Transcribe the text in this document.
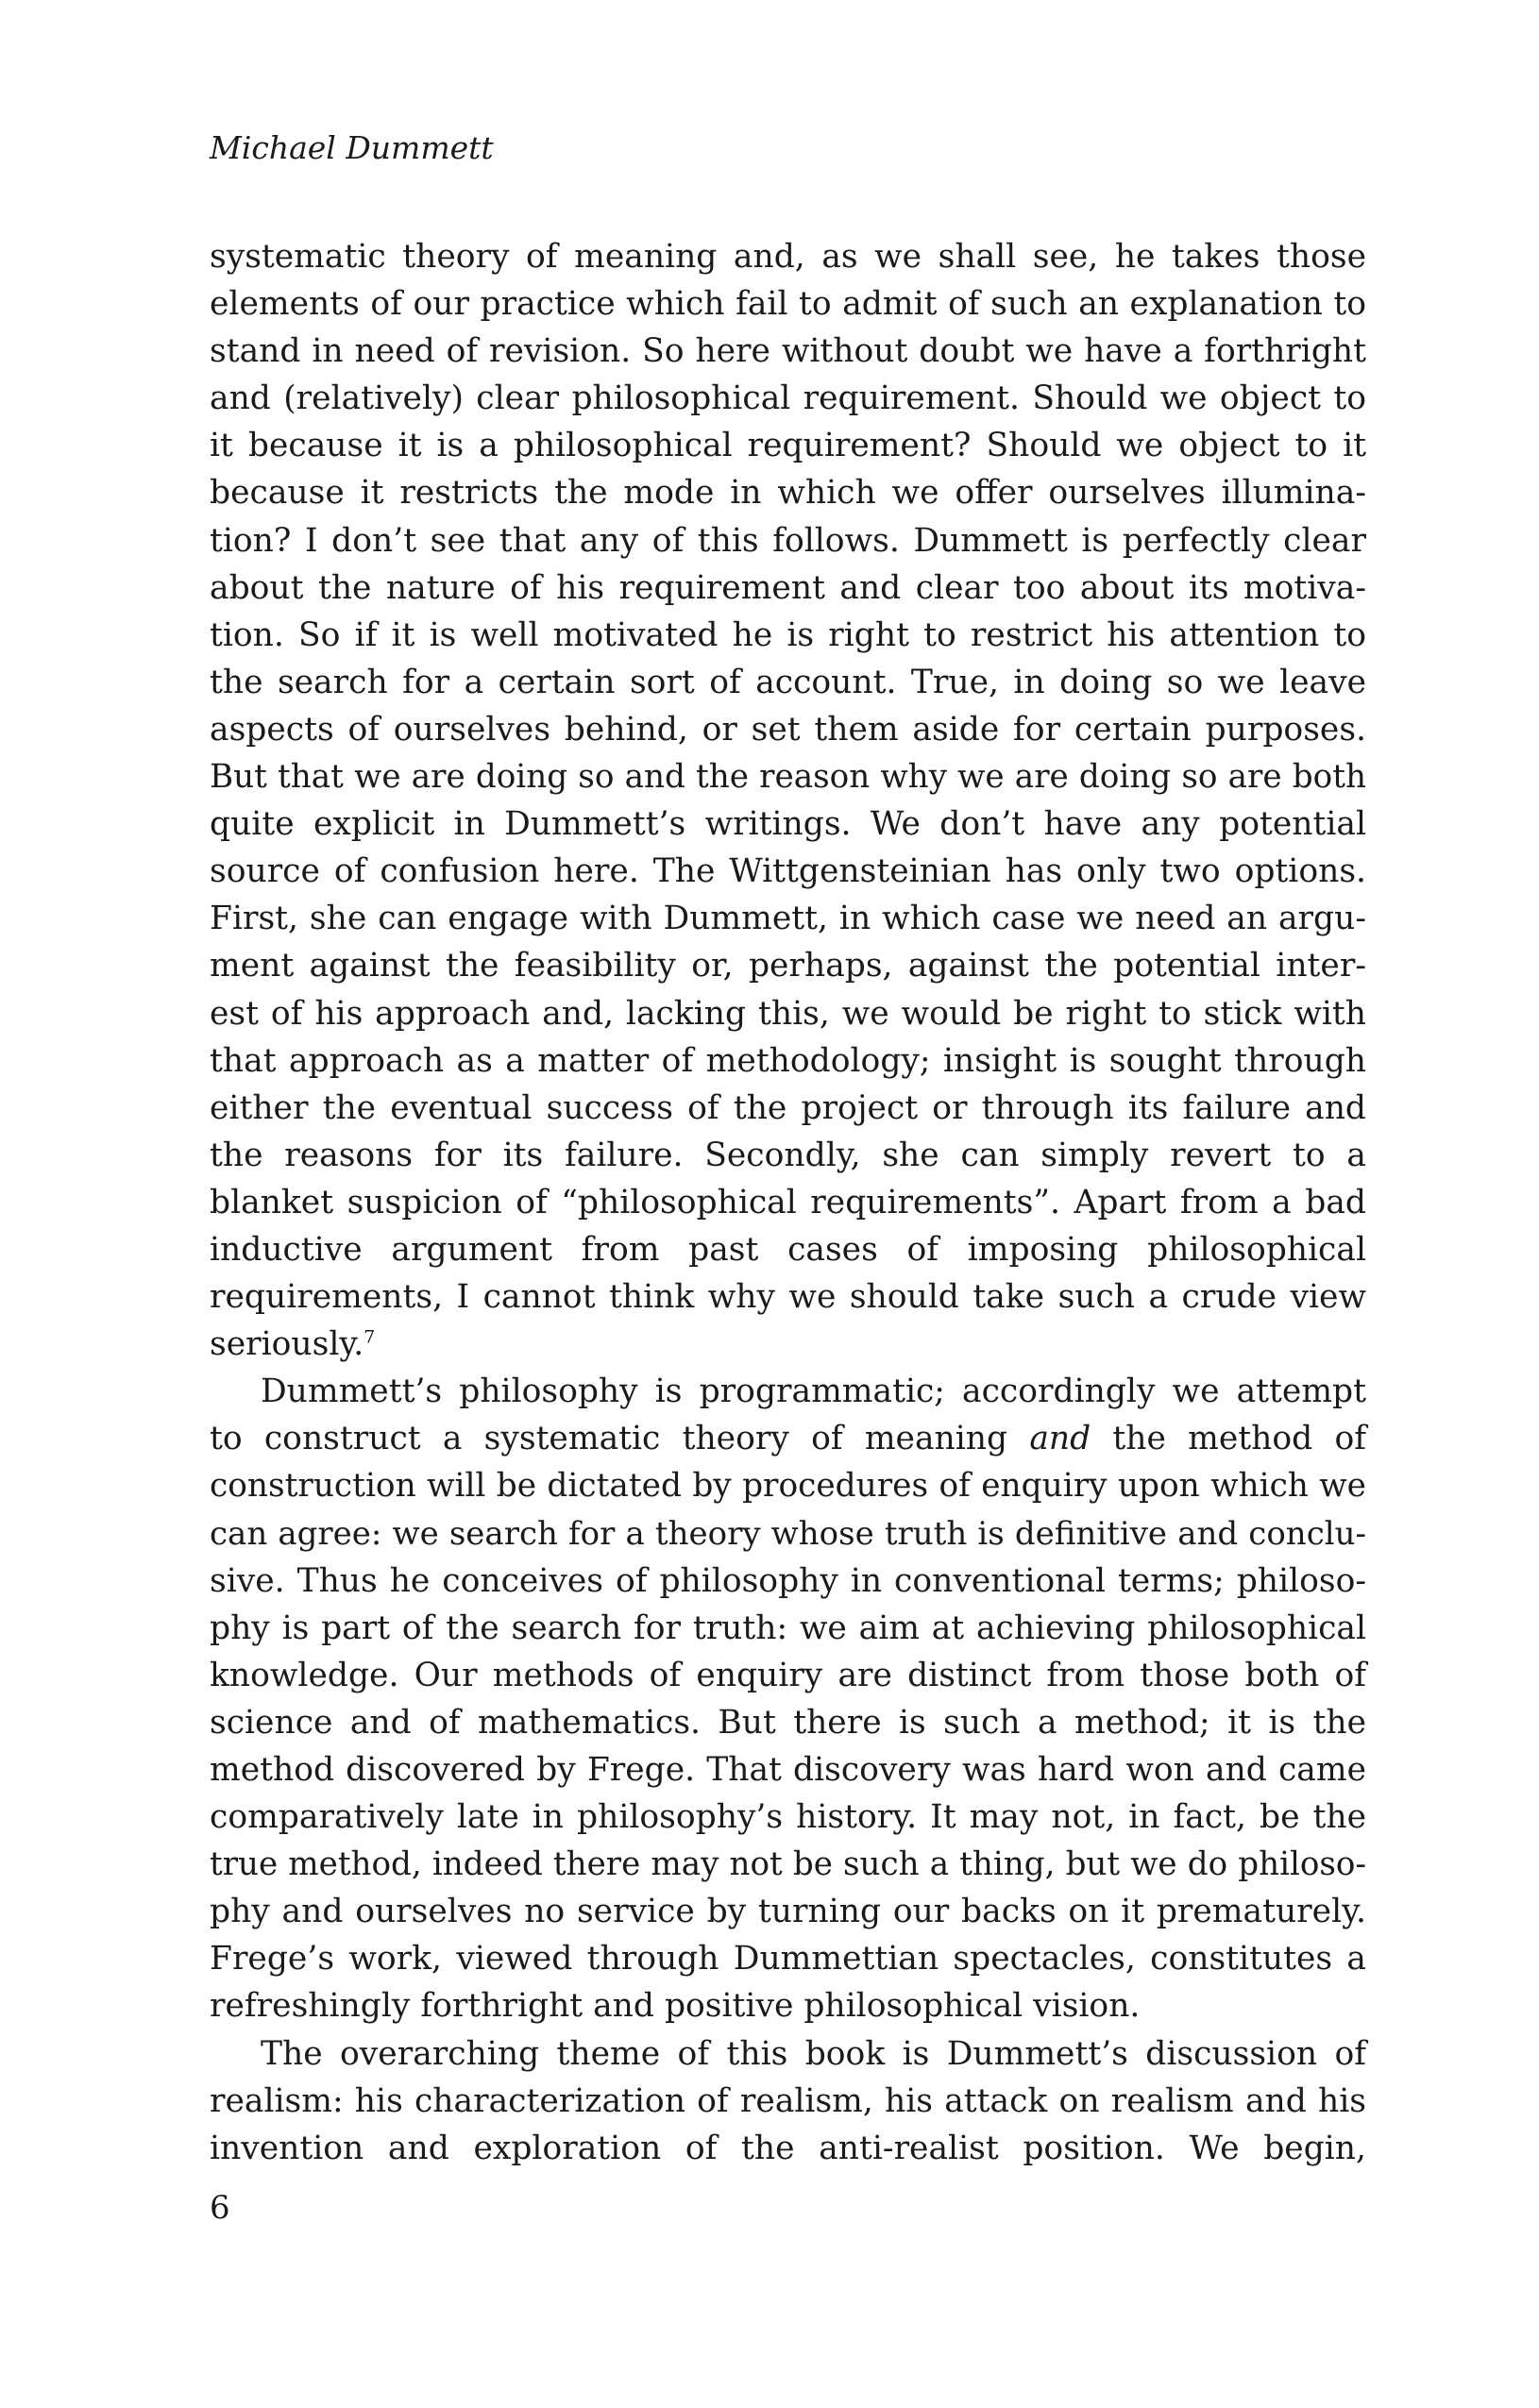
Michael Dummett
systematic theory of meaning and, as we shall see, he takes those
elements of our practice which fail to admit of such an explanation to
stand in need of revision. So here without doubt we have a forthright
and (relatively) clear philosophical requirement. Should we object to
it because it is a philosophical requirement? Should we object to it
because it restricts the mode in which we offer ourselves illumina-
tion? I don’t see that any of this follows. Dummett is perfectly clear
about the nature of his requirement and clear too about its motiva-
tion. So if it is well motivated he is right to restrict his attention to
the search for a certain sort of account. True, in doing so we leave
aspects of ourselves behind, or set them aside for certain purposes.
But that we are doing so and the reason why we are doing so are both
quite explicit in Dummett’s writings. We don’t have any potential
source of confusion here. The Wittgensteinian has only two options.
First, she can engage with Dummett, in which case we need an argu-
ment against the feasibility or, perhaps, against the potential inter-
est of his approach and, lacking this, we would be right to stick with
that approach as a matter of methodology; insight is sought through
either the eventual success of the project or through its failure and
the reasons for its failure. Secondly, she can simply revert to a
blanket suspicion of “philosophical requirements”. Apart from a bad
inductive argument from past cases of imposing philosophical
requirements, I cannot think why we should take such a crude view
seriously.$^7$
Dummett’s philosophy is programmatic; accordingly we attempt
to construct a systematic theory of meaning and the method of
construction will be dictated by procedures of enquiry upon which we
can agree: we search for a theory whose truth is definitive and conclu-
sive. Thus he conceives of philosophy in conventional terms; philoso-
phy is part of the search for truth: we aim at achieving philosophical
knowledge. Our methods of enquiry are distinct from those both of
science and of mathematics. But there is such a method; it is the
method discovered by Frege. That discovery was hard won and came
comparatively late in philosophy’s history. It may not, in fact, be the
true method, indeed there may not be such a thing, but we do philoso-
phy and ourselves no service by turning our backs on it prematurely.
Frege’s work, viewed through Dummettian spectacles, constitutes a
refreshingly forthright and positive philosophical vision.
The overarching theme of this book is Dummett’s discussion of
realism: his characterization of realism, his attack on realism and his
invention and exploration of the anti-realist position. We begin,
6
